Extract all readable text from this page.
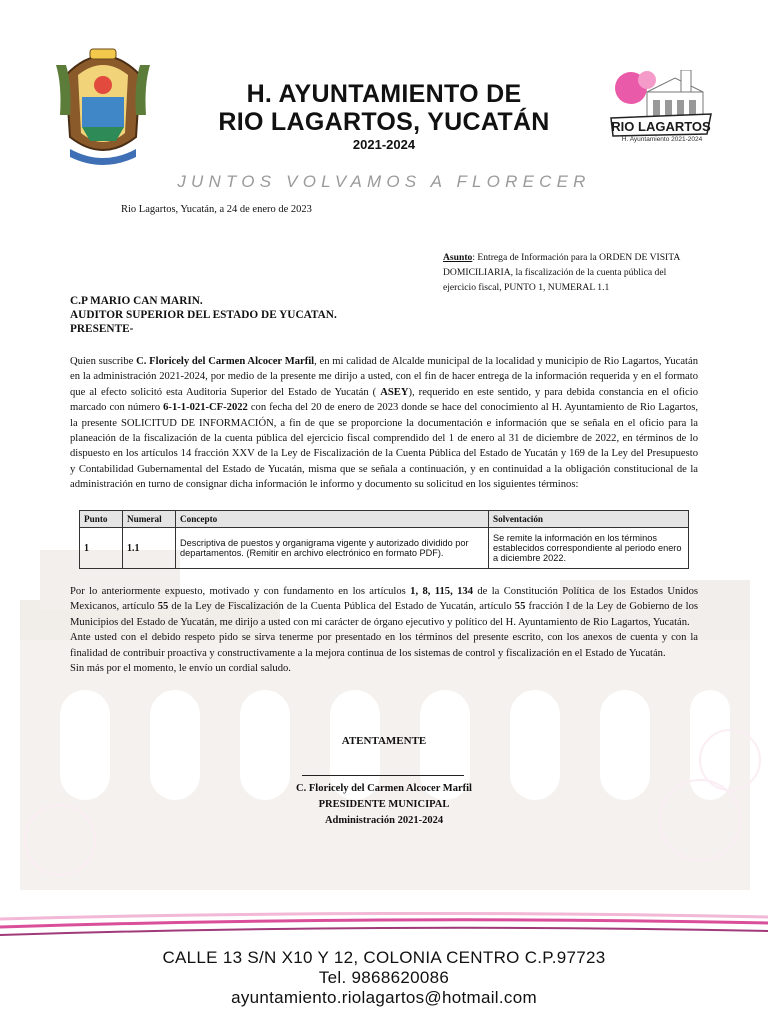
RIO LAGARTOS
H. Ayuntamiento 2021-2024
H. AYUNTAMIENTO DE
RIO LAGARTOS, YUCATÁN
2021-2024
JUNTOS VOLVAMOS A FLORECER
Rio Lagartos, Yucatán, a 24 de enero de 2023
Asunto: Entrega de Información para la ORDEN DE VISITA DOMICILIARIA, la fiscalización de la cuenta pública del ejercicio fiscal, PUNTO 1, NUMERAL 1.1
C.P MARIO CAN MARIN.
AUDITOR SUPERIOR DEL ESTADO DE YUCATAN.
PRESENTE-
Quien suscribe C. Floricely del Carmen Alcocer Marfil, en mi calidad de Alcalde municipal de la localidad y municipio de Rio Lagartos, Yucatán en la administración 2021-2024, por medio de la presente me dirijo a usted, con el fin de hacer entrega de la información requerida y en el formato que al efecto solicitó esta Auditoria Superior del Estado de Yucatán ( ASEY), requerido en este sentido, y para debida constancia en el oficio marcado con número 6-1-1-021-CF-2022 con fecha del 20 de enero de 2023 donde se hace del conocimiento al H. Ayuntamiento de Rio Lagartos, la presente SOLICITUD DE INFORMACIÓN, a fin de que se proporcione la documentación e información que se señala en el oficio para la planeación de la fiscalización de la cuenta pública del ejercicio fiscal comprendido del 1 de enero al 31 de diciembre de 2022, en términos de lo dispuesto en los artículos 14 fracción XXV de la Ley de Fiscalización de la Cuenta Pública del Estado de Yucatán y 169 de la Ley del Presupuesto y Contabilidad Gubernamental del Estado de Yucatán, misma que se señala a continuación, y en continuidad a la obligación constitucional de la administración en turno de consignar dicha información le informo y documento su solicitud en los siguientes términos:
Punto	Numeral	Concepto	Solventación
1	1.1	Descriptiva de puestos y organigrama vigente y autorizado dividido por departamentos. (Remitir en archivo electrónico en formato PDF).	Se remite la información en los términos establecidos correspondiente al periodo enero a diciembre 2022.

Por lo anteriormente expuesto, motivado y con fundamento en los artículos 1, 8, 115, 134 de la Constitución Política de los Estados Unidos Mexicanos, artículo 55 de la Ley de Fiscalización de la Cuenta Pública del Estado de Yucatán, artículo 55 fracción I de la Ley de Gobierno de los Municipios del Estado de Yucatán, me dirijo a usted con mi carácter de órgano ejecutivo y político del H. Ayuntamiento de Rio Lagartos, Yucatán.

Ante usted con el debido respeto pido se sirva tenerme por presentado en los términos del presente escrito, con los anexos de cuenta y con la finalidad de contribuir proactiva y constructivamente a la mejora continua de los sistemas de control y fiscalización en el Estado de Yucatán.

Sin más por el momento, le envío un cordial saludo.

ATENTAMENTE
C. Floricely del Carmen Alcocer Marfil
PRESIDENTE MUNICIPAL
Administración 2021-2024
CALLE 13 S/N X10 Y 12, COLONIA CENTRO C.P.97723
Tel. 9868620086
ayuntamiento.riolagartos@hotmail.com
